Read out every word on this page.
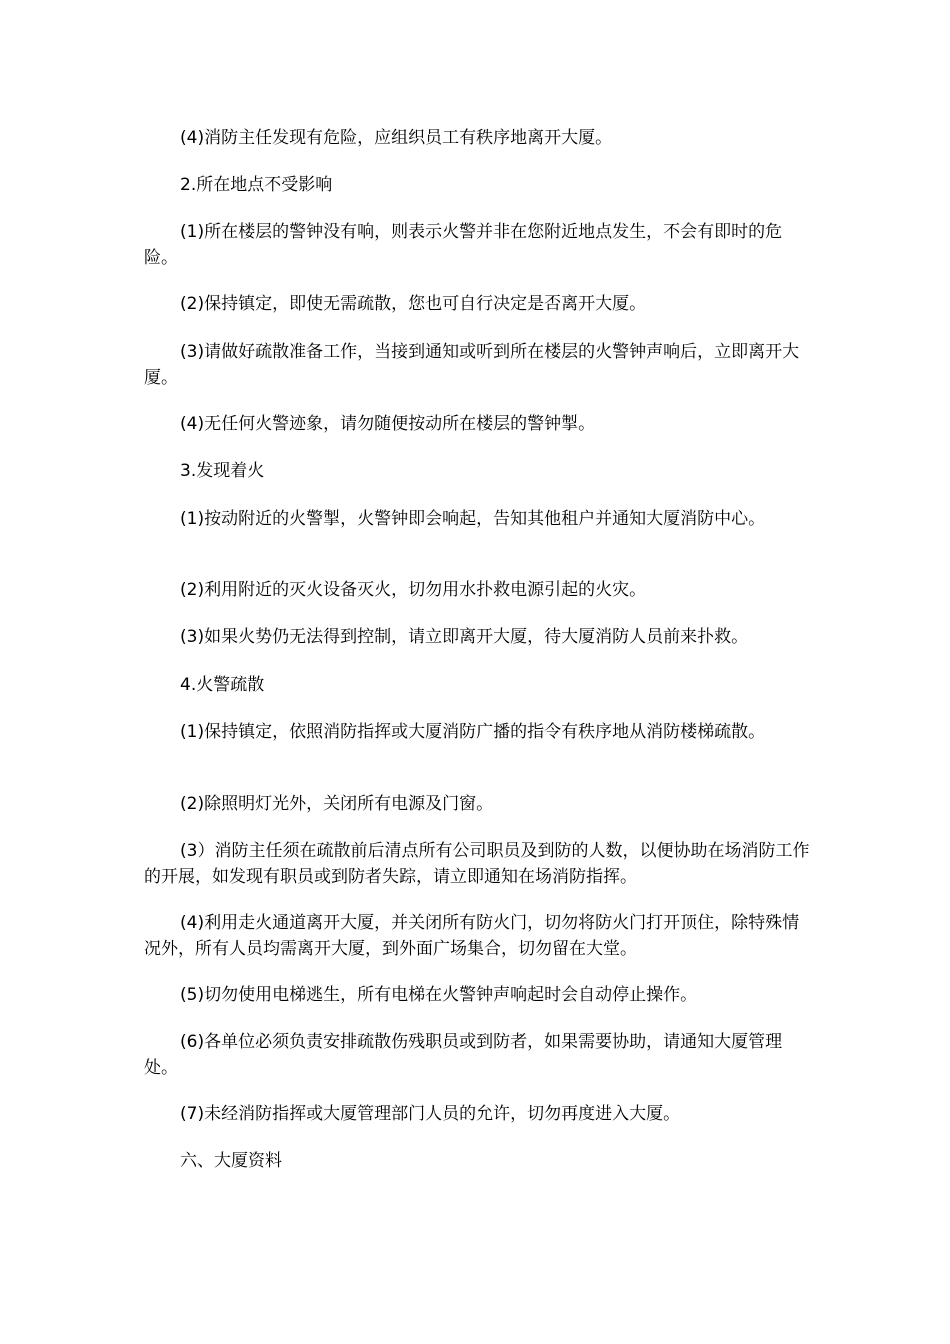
(4)消防主任发现有危险，应组织员工有秩序地离开大厦。

2.所在地点不受影响

(1)所在楼层的警钟没有响，则表示火警并非在您附近地点发生，不会有即时的危险。

(2)保持镇定，即使无需疏散，您也可自行决定是否离开大厦。

(3)请做好疏散准备工作，当接到通知或听到所在楼层的火警钟声响后，立即离开大厦。

(4)无任何火警迹象，请勿随便按动所在楼层的警钟掣。

3.发现着火

(1)按动附近的火警掣，火警钟即会响起，告知其他租户并通知大厦消防中心。

(2)利用附近的灭火设备灭火，切勿用水扑救电源引起的火灾。

(3)如果火势仍无法得到控制，请立即离开大厦，待大厦消防人员前来扑救。

4.火警疏散

(1)保持镇定，依照消防指挥或大厦消防广播的指令有秩序地从消防楼梯疏散。

(2)除照明灯光外，关闭所有电源及门窗。

(3）消防主任须在疏散前后清点所有公司职员及到防的人数，以便协助在场消防工作的开展，如发现有职员或到防者失踪，请立即通知在场消防指挥。

(4)利用走火通道离开大厦，并关闭所有防火门，切勿将防火门打开顶住，除特殊情况外，所有人员均需离开大厦，到外面广场集合，切勿留在大堂。

(5)切勿使用电梯逃生，所有电梯在火警钟声响起时会自动停止操作。

(6)各单位必须负责安排疏散伤残职员或到防者，如果需要协助，请通知大厦管理处。

(7)未经消防指挥或大厦管理部门人员的允许，切勿再度进入大厦。

六、大厦资料
